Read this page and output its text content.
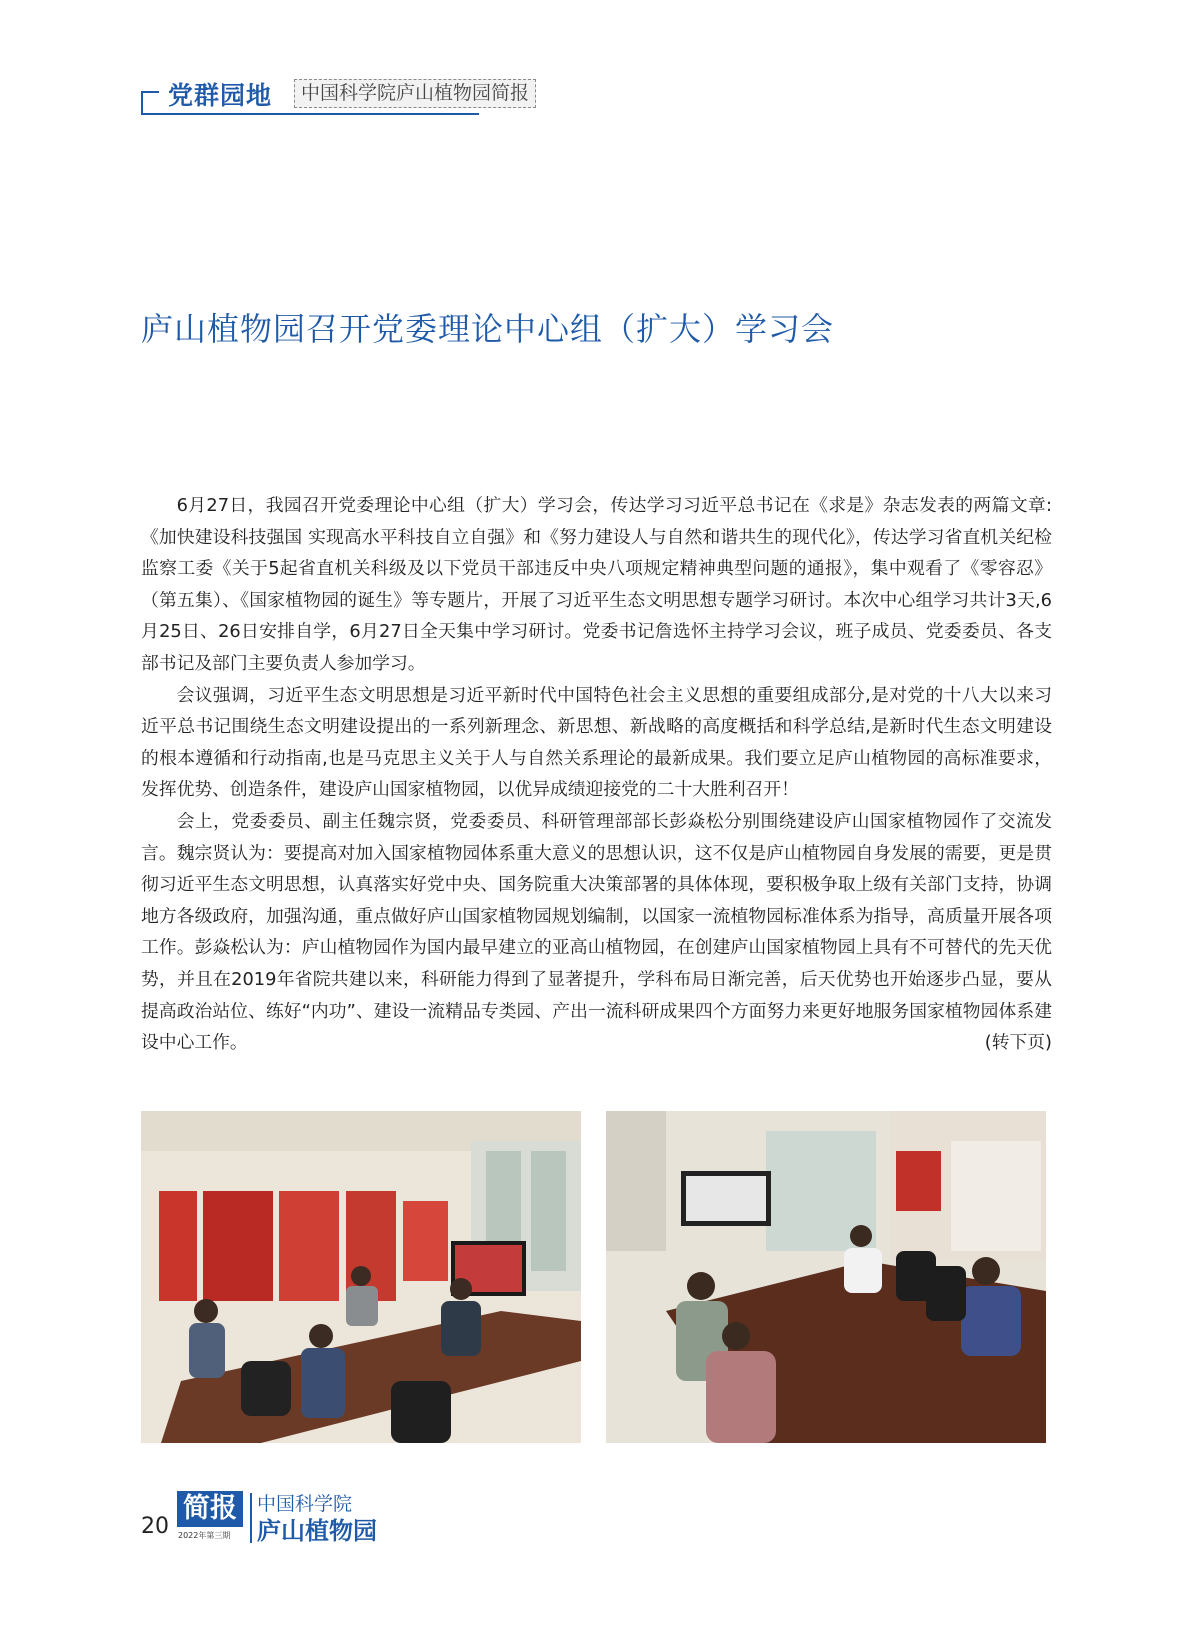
党群园地	中国科学院庐山植物园简报
庐山植物园召开党委理论中心组（扩大）学习会

6月27日，我园召开党委理论中心组（扩大）学习会，传达学习习近平总书记在《求是》杂志发表的两篇文章:《加快建设科技强国 实现高水平科技自立自强》和《努力建设人与自然和谐共生的现代化》，传达学习省直机关纪检监察工委《关于5起省直机关科级及以下党员干部违反中央八项规定精神典型问题的通报》，集中观看了《零容忍》（第五集）、《国家植物园的诞生》等专题片，开展了习近平生态文明思想专题学习研讨。本次中心组学习共计3天,6月25日、26日安排自学，6月27日全天集中学习研讨。党委书记詹选怀主持学习会议，班子成员、党委委员、各支部书记及部门主要负责人参加学习。

会议强调，习近平生态文明思想是习近平新时代中国特色社会主义思想的重要组成部分,是对党的十八大以来习近平总书记围绕生态文明建设提出的一系列新理念、新思想、新战略的高度概括和科学总结,是新时代生态文明建设的根本遵循和行动指南,也是马克思主义关于人与自然关系理论的最新成果。我们要立足庐山植物园的高标准要求，发挥优势、创造条件，建设庐山国家植物园，以优异成绩迎接党的二十大胜利召开！

会上，党委委员、副主任魏宗贤，党委委员、科研管理部部长彭焱松分别围绕建设庐山国家植物园作了交流发言。魏宗贤认为：要提高对加入国家植物园体系重大意义的思想认识，这不仅是庐山植物园自身发展的需要，更是贯彻习近平生态文明思想，认真落实好党中央、国务院重大决策部署的具体体现，要积极争取上级有关部门支持，协调地方各级政府，加强沟通，重点做好庐山国家植物园规划编制，以国家一流植物园标准体系为指导，高质量开展各项工作。彭焱松认为：庐山植物园作为国内最早建立的亚高山植物园，在创建庐山国家植物园上具有不可替代的先天优势，并且在2019年省院共建以来，科研能力得到了显著提升，学科布局日渐完善，后天优势也开始逐步凸显，要从提高政治站位、练好“内功”、建设一流精品专类园、产出一流科研成果四个方面努力来更好地服务国家植物园体系建设中心工作。	(转下页)

20
简报
2022年第三期
中国科学院
庐山植物园
